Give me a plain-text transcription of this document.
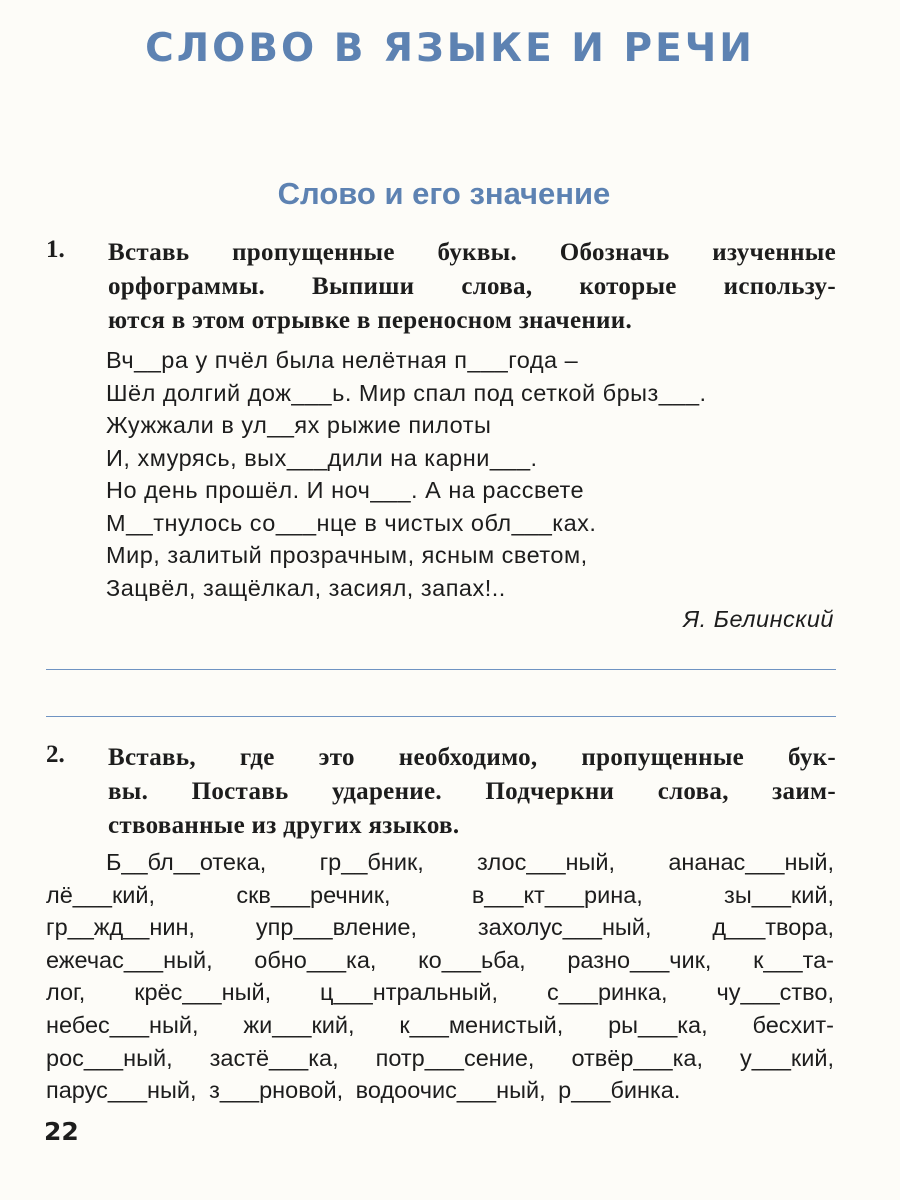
СЛОВО В ЯЗЫКЕ И РЕЧИ
Слово и его значение
1. Вставь пропущенные буквы. Обозначь изученные
орфограммы. Выпиши слова, которые использу-
ются в этом отрывке в переносном значении.
Вч__ра у пчёл была нелётная п___года –
Шёл долгий дож___ь. Мир спал под сеткой брыз___.
Жужжали в ул__ях рыжие пилоты
И, хмурясь, вых___дили на карни___.
Но день прошёл. И ноч___. А на рассвете
М__тнулось со___нце в чистых обл___ках.
Мир, залитый прозрачным, ясным светом,
Зацвёл, защёлкал, засиял, запах!..
Я. Белинский
2. Вставь, где это необходимо, пропущенные бук-
вы. Поставь ударение. Подчеркни слова, заим-
ствованные из других языков.
Б__бл__отека, гр__бник, злос___ный, ананас___ный,
лё___кий, скв___речник, в___кт___рина, зы___кий,
гр__жд__нин, упр___вление, захолус___ный, д___твора,
ежечас___ный, обно___ка, ко___ьба, разно___чик, к___та-
лог, крёс___ный, ц___нтральный, с___ринка, чу___ство,
небес___ный, жи___кий, к___менистый, ры___ка, бесхит-
рос___ный, застё___ка, потр___сение, отвёр___ка, у___кий,
парус___ный, з___рновой, водоочис___ный, р___бинка.
22
